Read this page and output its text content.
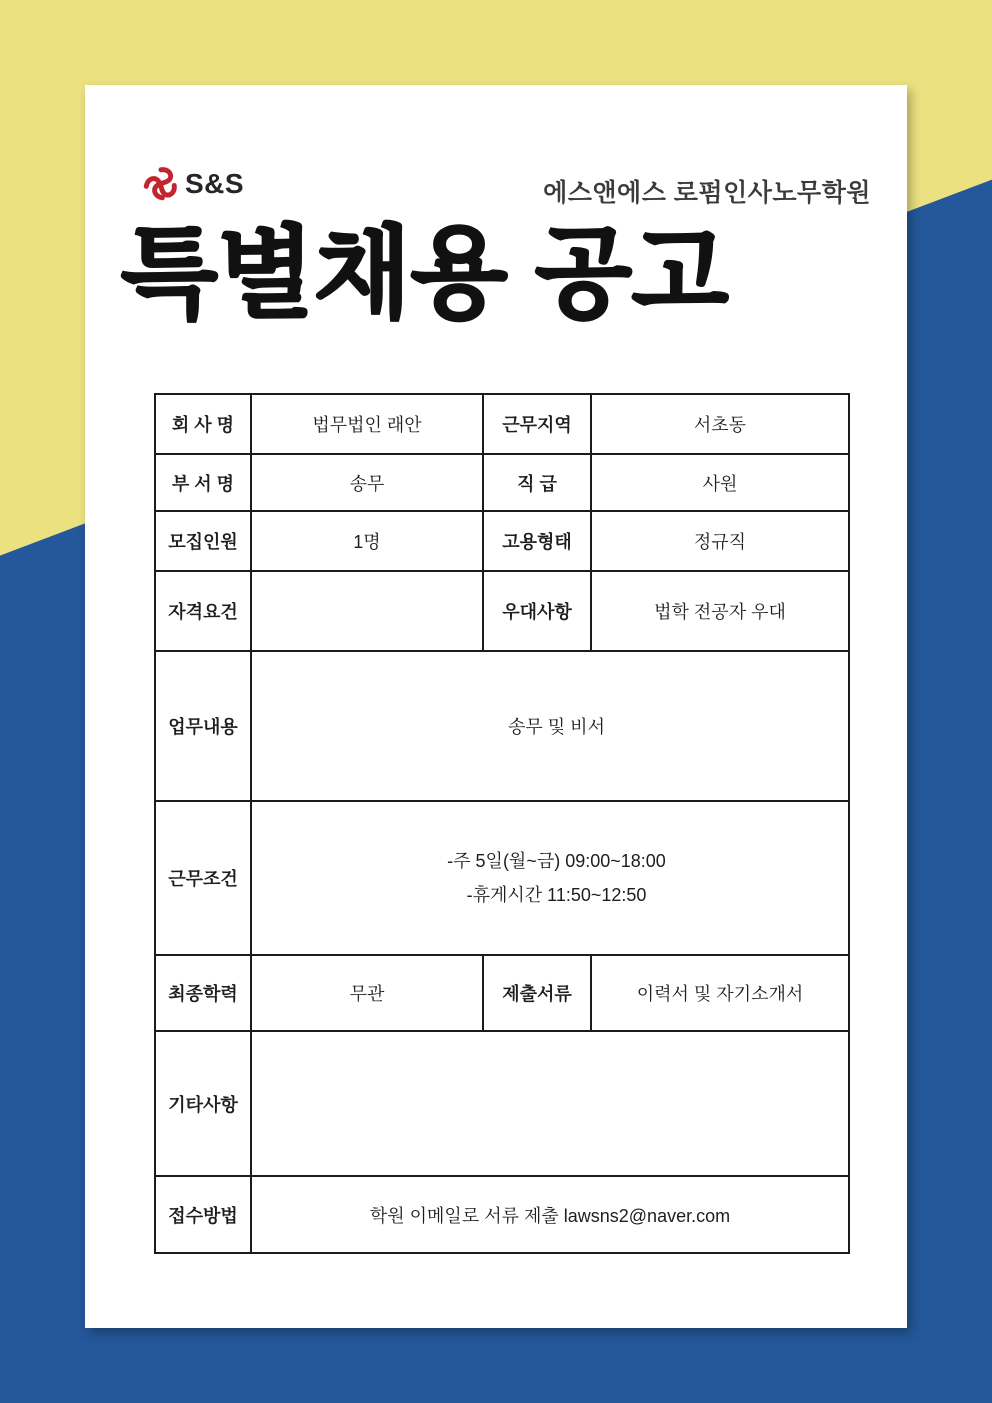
S&S	에스앤에스 로펌인사노무학원
특별채용 공고
회 사 명	법무법인 래안	근무지역	서초동
부 서 명	송무	직 급	사원
모집인원	1명	고용형태	정규직
자격요건		우대사항	법학 전공자 우대
업무내용	송무 및 비서		
근무조건	-주 5일(월~금) 09:00~18:00
-휴게시간 11:50~12:50		

최종학력	무관	제출서류	이력서 및 자기소개서
기타사항			
접수방법	학원 이메일로 서류 제출 lawsns2@naver.com		
